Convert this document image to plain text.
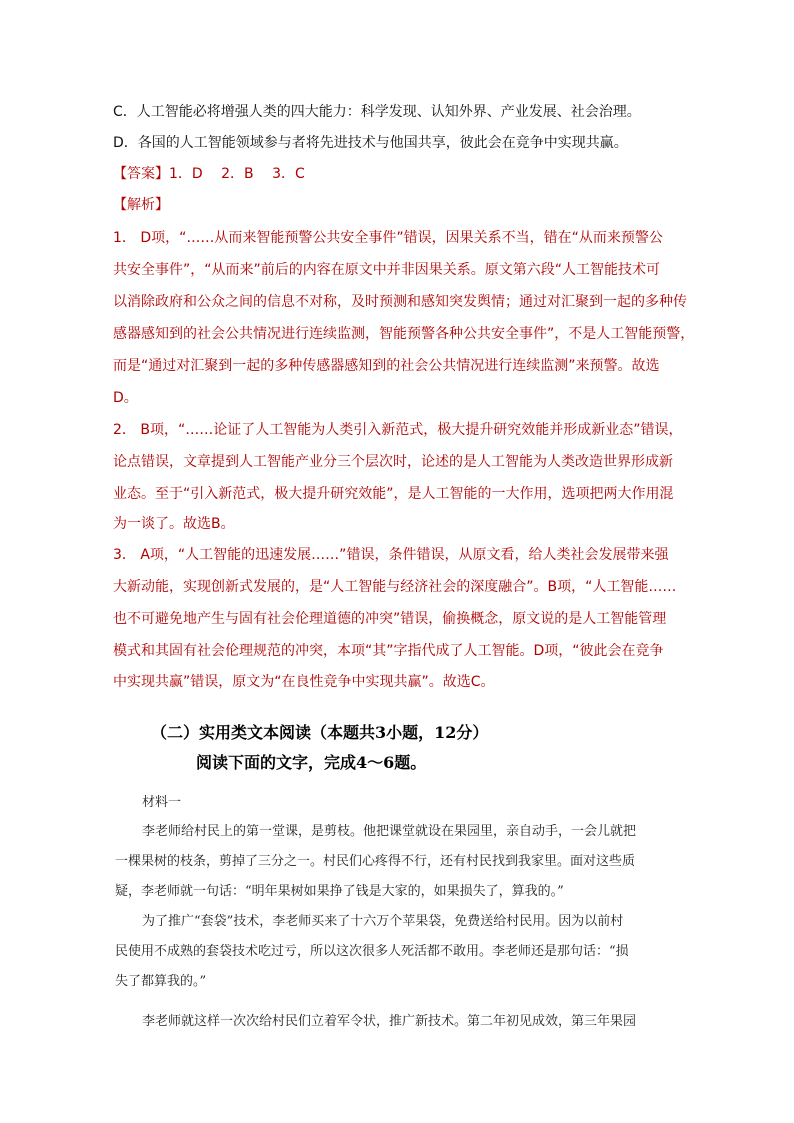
C．人工智能必将增强人类的四大能力：科学发现、认知外界、产业发展、社会治理。
D．各国的人工智能领域参与者将先进技术与他国共享，彼此会在竞争中实现共赢。
【答案】1．D　 2．B　 3．C
【解析】
1． D项，“……从而来智能预警公共安全事件”错误，因果关系不当，错在“从而来预警公
共安全事件”，“从而来”前后的内容在原文中并非因果关系。原文第六段“人工智能技术可
以消除政府和公众之间的信息不对称，及时预测和感知突发舆情；通过对汇聚到一起的多种传
感器感知到的社会公共情况进行连续监测，智能预警各种公共安全事件”，不是人工智能预警，
而是“通过对汇聚到一起的多种传感器感知到的社会公共情况进行连续监测”来预警。故选
D。
2． B项，“……论证了人工智能为人类引入新范式，极大提升研究效能并形成新业态”错误，
论点错误，文章提到人工智能产业分三个层次时，论述的是人工智能为人类改造世界形成新
业态。至于“引入新范式，极大提升研究效能”，是人工智能的一大作用，选项把两大作用混
为一谈了。故选B。
3． A项，“人工智能的迅速发展……”错误，条件错误，从原文看，给人类社会发展带来强
大新动能，实现创新式发展的，是“人工智能与经济社会的深度融合”。B项，“人工智能……
也不可避免地产生与固有社会伦理道德的冲突”错误，偷换概念，原文说的是人工智能管理
模式和其固有社会伦理规范的冲突，本项“其”字指代成了人工智能。D项，“彼此会在竞争
中实现共赢”错误，原文为“在良性竞争中实现共赢”。故选C。
（二）实用类文本阅读（本题共3小题，12分）
阅读下面的文字，完成4～6题。
材料一
李老师给村民上的第一堂课，是剪枝。他把课堂就设在果园里，亲自动手，一会儿就把
一棵果树的枝条，剪掉了三分之一。村民们心疼得不行，还有村民找到我家里。面对这些质
疑，李老师就一句话：“明年果树如果挣了钱是大家的，如果损失了，算我的。”
为了推广“套袋”技术，李老师买来了十六万个苹果袋，免费送给村民用。因为以前村
民使用不成熟的套袋技术吃过亏，所以这次很多人死活都不敢用。李老师还是那句话：“损
失了都算我的。”
李老师就这样一次次给村民们立着军令状，推广新技术。第二年初见成效，第三年果园
